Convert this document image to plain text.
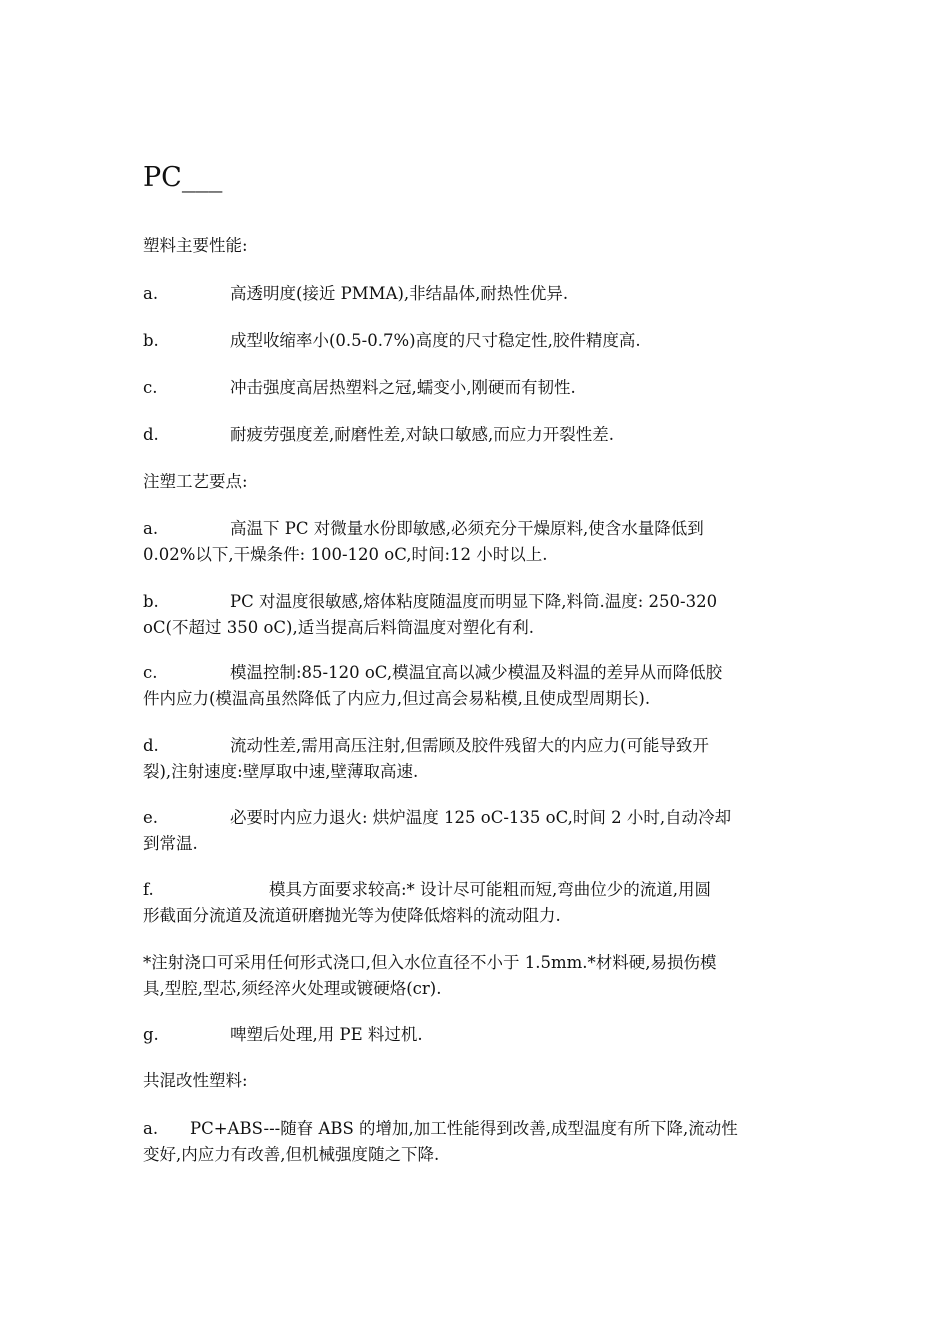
PC___
塑料主要性能:
a.	高透明度(接近 PMMA),非结晶体,耐热性优异.
b.	成型收缩率小(0.5-0.7%)高度的尺寸稳定性,胶件精度高.
c.	冲击强度高居热塑料之冠,蠕变小,刚硬而有韧性.
d.	耐疲劳强度差,耐磨性差,对缺口敏感,而应力开裂性差.
注塑工艺要点:
a.	高温下 PC 对微量水份即敏感,必须充分干燥原料,使含水量降低到
0.02%以下,干燥条件: 100-120 oC,时间:12 小时以上.
b.	PC 对温度很敏感,熔体粘度随温度而明显下降,料筒.温度: 250-320
oC(不超过 350 oC),适当提高后料筒温度对塑化有利.
c.	模温控制:85-120 oC,模温宜高以减少模温及料温的差异从而降低胶
件内应力(模温高虽然降低了内应力,但过高会易粘模,且使成型周期长).
d.	流动性差,需用高压注射,但需顾及胶件残留大的内应力(可能导致开
裂),注射速度:壁厚取中速,壁薄取高速.
e.	必要时内应力退火: 烘炉温度 125 oC-135 oC,时间 2 小时,自动冷却
到常温.
f.	模具方面要求较高:* 设计尽可能粗而短,弯曲位少的流道,用圆
形截面分流道及流道研磨抛光等为使降低熔料的流动阻力.
*注射浇口可采用任何形式浇口,但入水位直径不小于 1.5mm.*材料硬,易损伤模
具,型腔,型芯,须经淬火处理或镀硬烙(cr).
g.	啤塑后处理,用 PE 料过机.
共混改性塑料:
a. PC+ABS---随眘 ABS 的增加,加工性能得到改善,成型温度有所下降,流动性
变好,内应力有改善,但机械强度随之下降.
